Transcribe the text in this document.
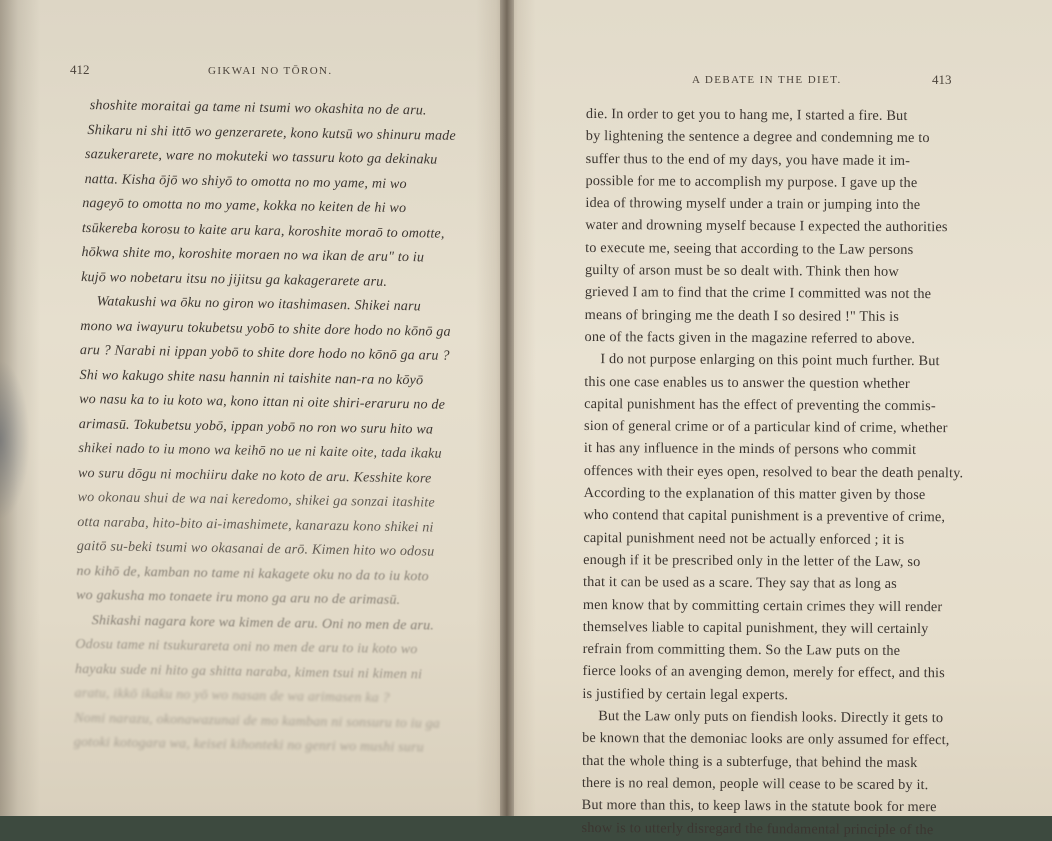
412	GIKWAI NO TŌRON.
shoshite moraitai ga tame ni tsumi wo okashita no de aru.
Shikaru ni shi ittō wo genzerarete, kono kutsū wo shinuru made
sazukerarete, ware no mokuteki wo tassuru koto ga dekinaku
natta. Kisha ōjō wo shiyō to omotta no mo yame, mi wo
nageyō to omotta no mo yame, kokka no keiten de hi wo
tsūkereba korosu to kaite aru kara, koroshite moraō to omotte,
hōkwa shite mo, koroshite moraen no wa ikan de aru" to iu
kujō wo nobetaru itsu no jijitsu ga kakagerarete aru.
Watakushi wa ōku no giron wo itashimasen. Shikei naru
mono wa iwayuru tokubetsu yobō to shite dore hodo no kōnō ga
aru ? Narabi ni ippan yobō to shite dore hodo no kōnō ga aru ?
Shi wo kakugo shite nasu hannin ni taishite nan-ra no kōyō
wo nasu ka to iu koto wa, kono ittan ni oite shiri-eraruru no de
arimasū. Tokubetsu yobō, ippan yobō no ron wo suru hito wa
shikei nado to iu mono wa keihō no ue ni kaite oite, tada ikaku
wo suru dōgu ni mochiiru dake no koto de aru. Kesshite kore
wo okonau shui de wa nai keredomo, shikei ga sonzai itashite
otta naraba, hito-bito ai-imashimete, kanarazu kono shikei ni
gaitō su-beki tsumi wo okasanai de arō. Kimen hito wo odosu
no kihō de, kamban no tame ni kakagete oku no da to iu koto
wo gakusha mo tonaete iru mono ga aru no de arimasū.
Shikashi nagara kore wa kimen de aru. Oni no men de aru.
Odosu tame ni tsukurareta oni no men de aru to iu koto wo
hayaku sude ni hito ga shitta naraba, kimen tsui ni kimen ni
aratu, ikkō ikaku no yō wo nasan de wa arimasen ka ?
Nomi narazu, okonawazunai de mo kamban ni sonsuru to iu ga
gotoki kotogara wa, keisei kihonteki no genri wo mushi suru
A DEBATE IN THE DIET.	413
die. In order to get you to hang me, I started a fire. But
by lightening the sentence a degree and condemning me to
suffer thus to the end of my days, you have made it im-
possible for me to accomplish my purpose. I gave up the
idea of throwing myself under a train or jumping into the
water and drowning myself because I expected the authorities
to execute me, seeing that according to the Law persons
guilty of arson must be so dealt with. Think then how
grieved I am to find that the crime I committed was not the
means of bringing me the death I so desired !" This is
one of the facts given in the magazine referred to above.
I do not purpose enlarging on this point much further. But
this one case enables us to answer the question whether
capital punishment has the effect of preventing the commis-
sion of general crime or of a particular kind of crime, whether
it has any influence in the minds of persons who commit
offences with their eyes open, resolved to bear the death penalty.
According to the explanation of this matter given by those
who contend that capital punishment is a preventive of crime,
capital punishment need not be actually enforced ; it is
enough if it be prescribed only in the letter of the Law, so
that it can be used as a scare. They say that as long as
men know that by committing certain crimes they will render
themselves liable to capital punishment, they will certainly
refrain from committing them. So the Law puts on the
fierce looks of an avenging demon, merely for effect, and this
is justified by certain legal experts.
But the Law only puts on fiendish looks. Directly it gets to
be known that the demoniac looks are only assumed for effect,
that the whole thing is a subterfuge, that behind the mask
there is no real demon, people will cease to be scared by it.
But more than this, to keep laws in the statute book for mere
show is to utterly disregard the fundamental principle of the
